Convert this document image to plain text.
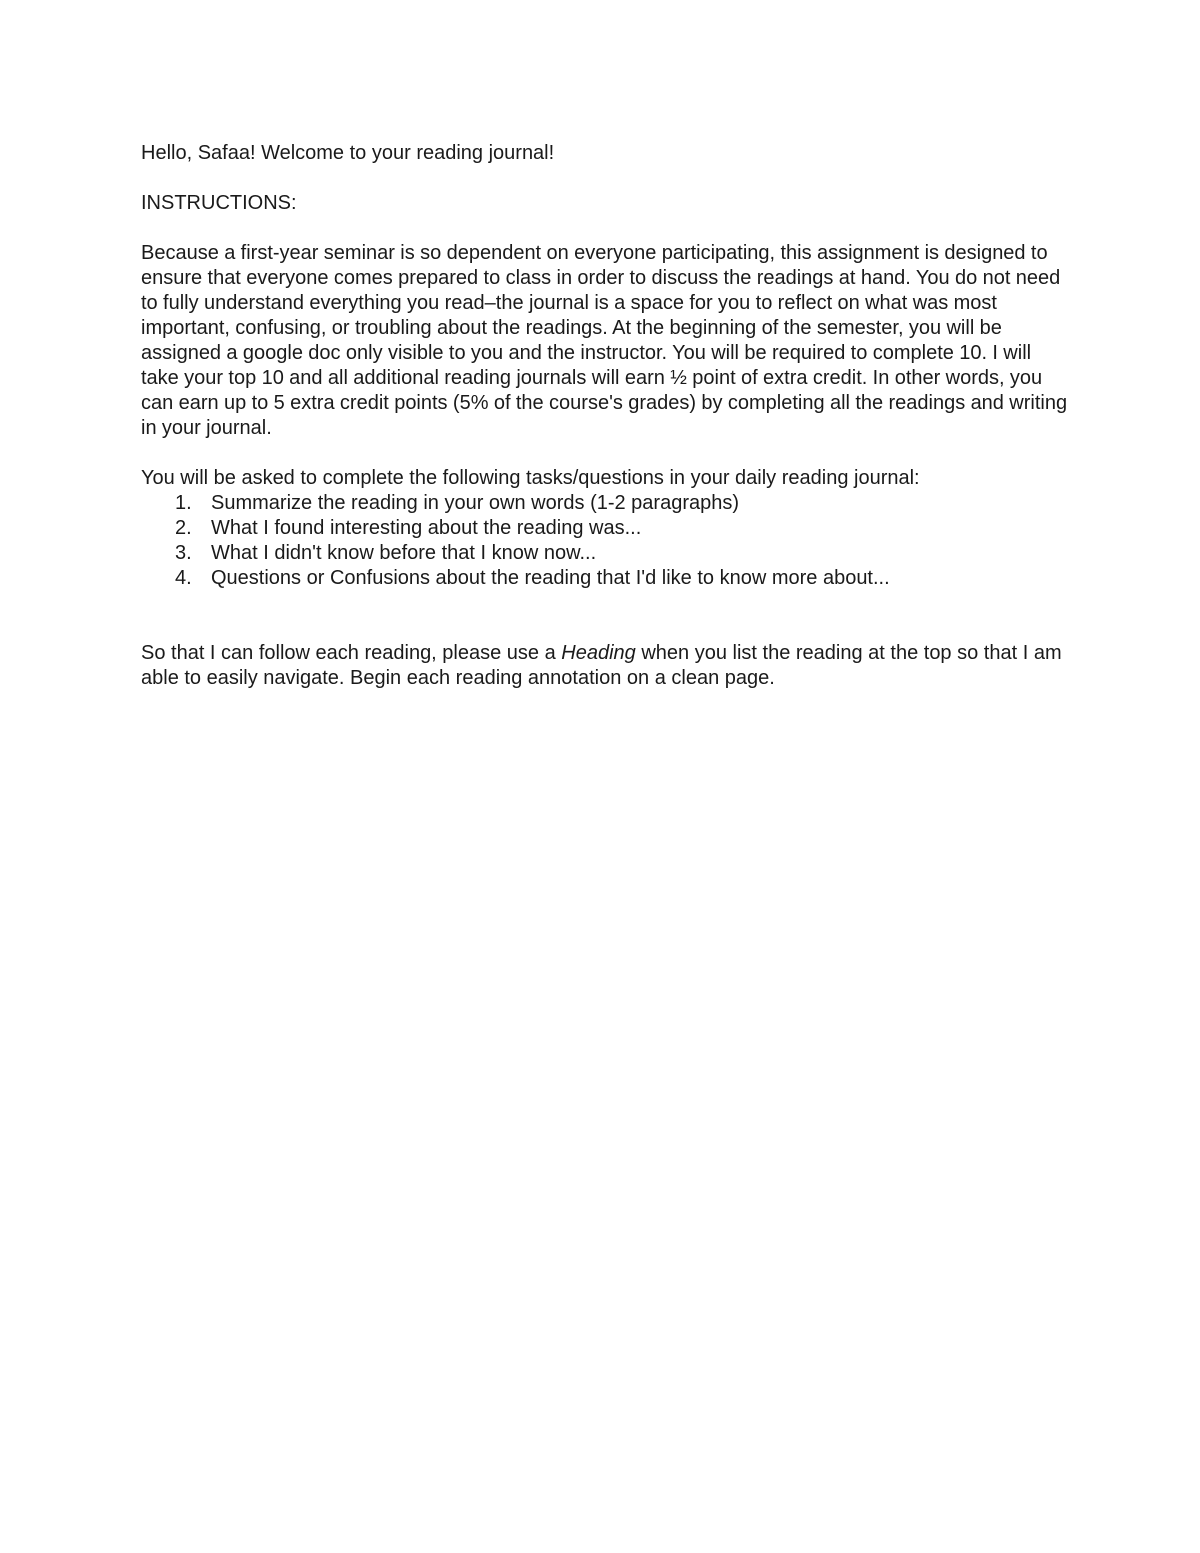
Hello, Safaa! Welcome to your reading journal!

INSTRUCTIONS:

Because a first-year seminar is so dependent on everyone participating, this assignment is designed to ensure that everyone comes prepared to class in order to discuss the readings at hand. You do not need to fully understand everything you read–the journal is a space for you to reflect on what was most important, confusing, or troubling about the readings. At the beginning of the semester, you will be assigned a google doc only visible to you and the instructor. You will be required to complete 10. I will take your top 10 and all additional reading journals will earn ½ point of extra credit. In other words, you can earn up to 5 extra credit points (5% of the course's grades) by completing all the readings and writing in your journal.

You will be asked to complete the following tasks/questions in your daily reading journal:

1. Summarize the reading in your own words (1-2 paragraphs)
2. What I found interesting about the reading was...
3. What I didn't know before that I know now...
4. Questions or Confusions about the reading that I'd like to know more about...

So that I can follow each reading, please use a Heading when you list the reading at the top so that I am able to easily navigate. Begin each reading annotation on a clean page.
